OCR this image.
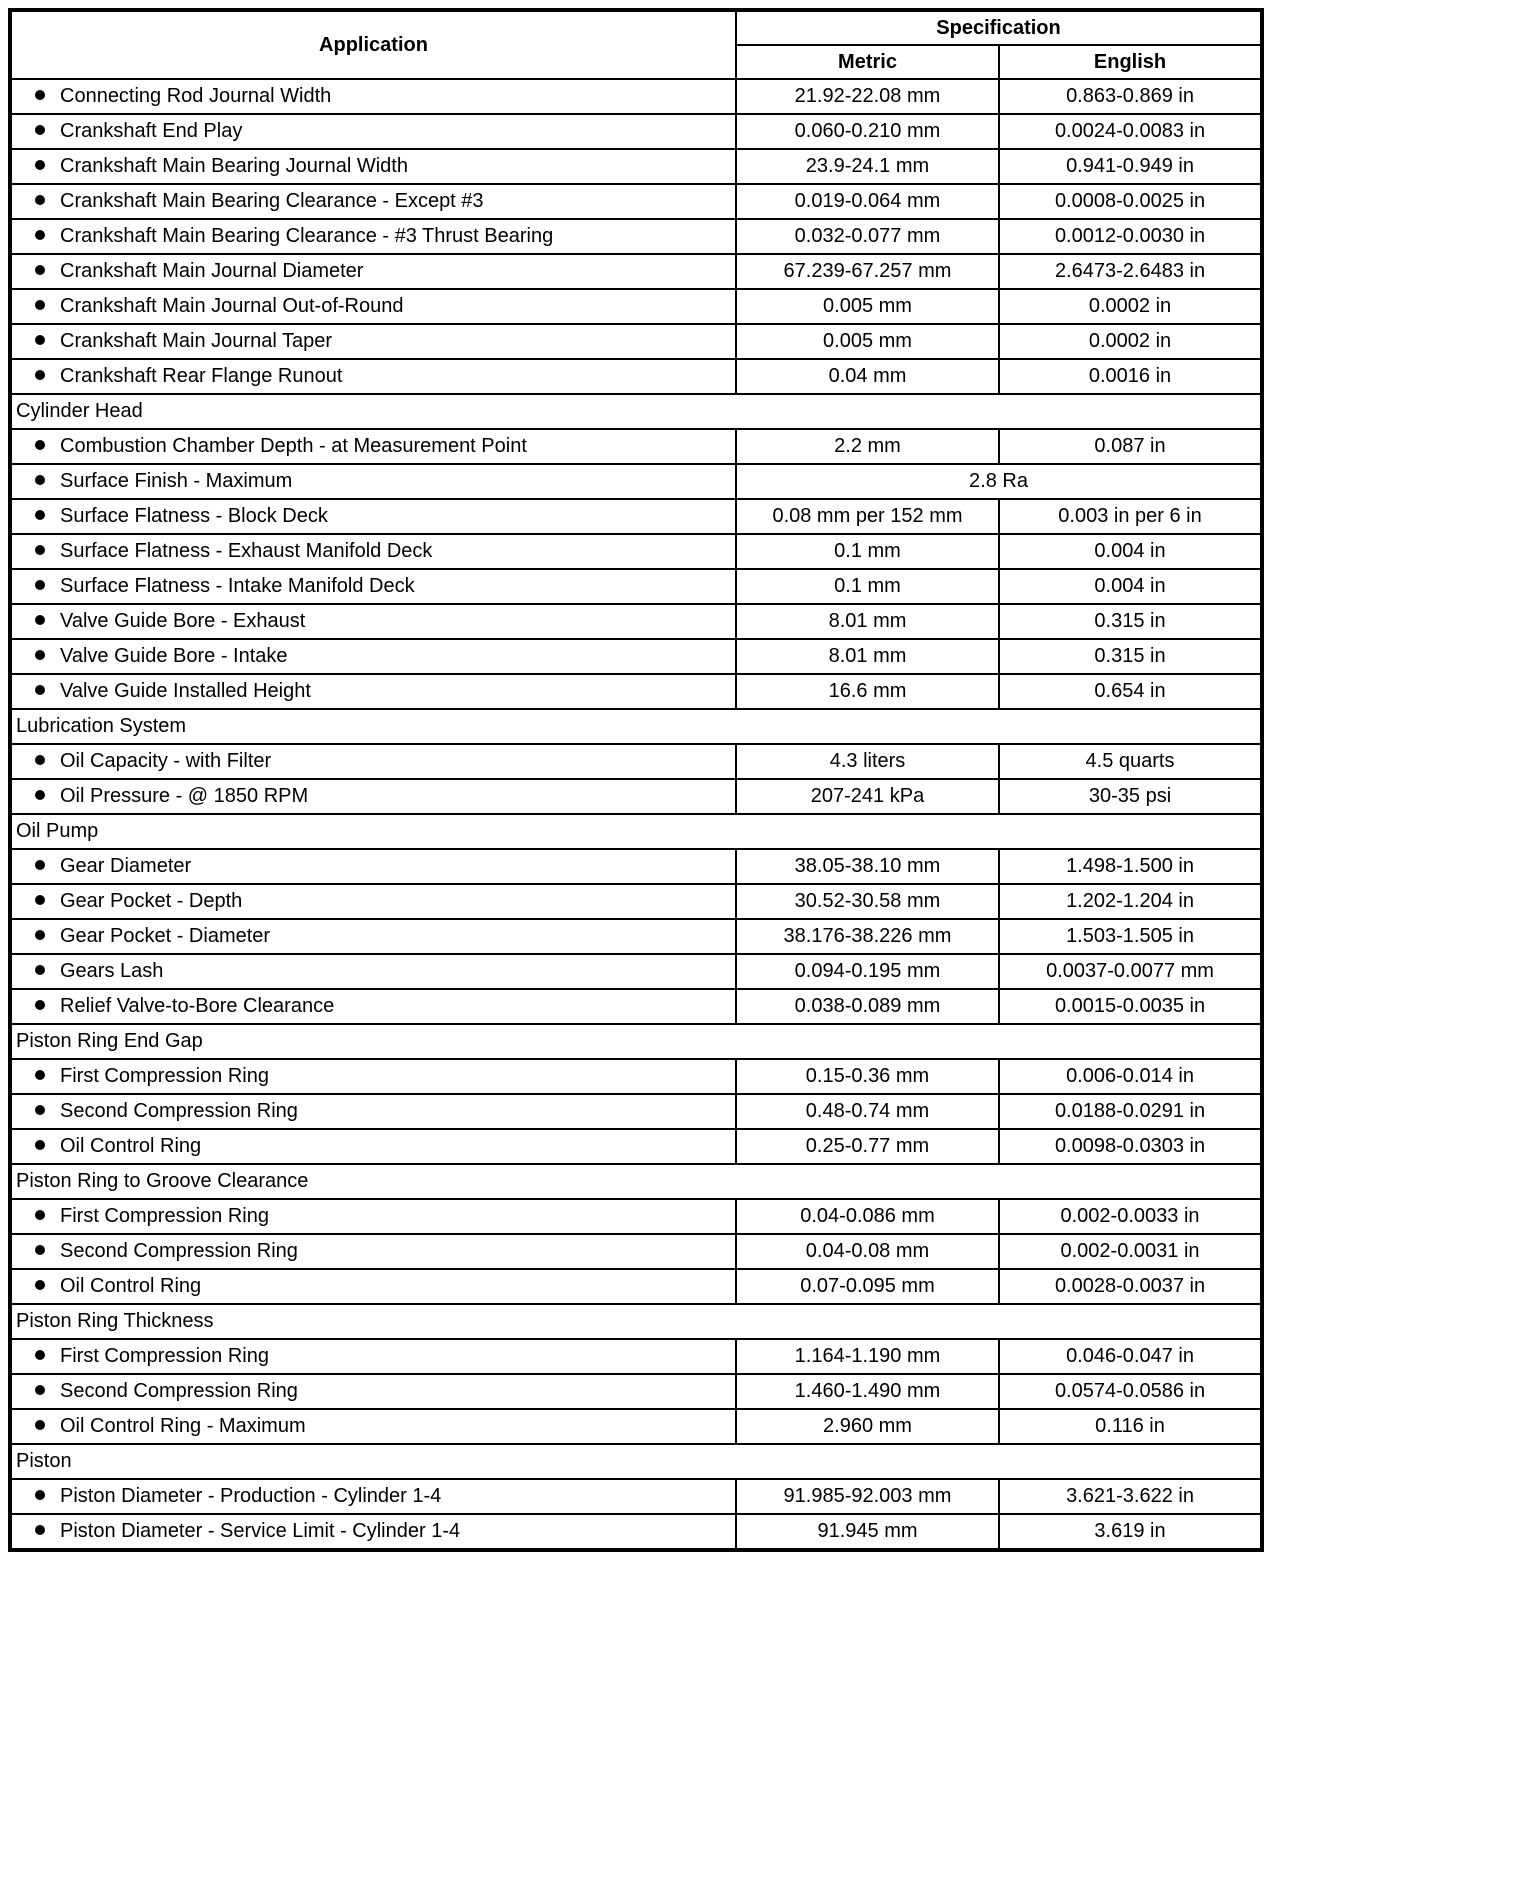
Application	Specification	
	Metric	English
Connecting Rod Journal Width	21.92-22.08 mm	0.863-0.869 in
Crankshaft End Play	0.060-0.210 mm	0.0024-0.0083 in
Crankshaft Main Bearing Journal Width	23.9-24.1 mm	0.941-0.949 in
Crankshaft Main Bearing Clearance - Except #3	0.019-0.064 mm	0.0008-0.0025 in
Crankshaft Main Bearing Clearance - #3 Thrust Bearing	0.032-0.077 mm	0.0012-0.0030 in
Crankshaft Main Journal Diameter	67.239-67.257 mm	2.6473-2.6483 in
Crankshaft Main Journal Out-of-Round	0.005 mm	0.0002 in
Crankshaft Main Journal Taper	0.005 mm	0.0002 in
Crankshaft Rear Flange Runout	0.04 mm	0.0016 in
Cylinder Head		
Combustion Chamber Depth - at Measurement Point	2.2 mm	0.087 in
Surface Finish - Maximum	2.8 Ra	
Surface Flatness - Block Deck	0.08 mm per 152 mm	0.003 in per 6 in
Surface Flatness - Exhaust Manifold Deck	0.1 mm	0.004 in
Surface Flatness - Intake Manifold Deck	0.1 mm	0.004 in
Valve Guide Bore - Exhaust	8.01 mm	0.315 in
Valve Guide Bore - Intake	8.01 mm	0.315 in
Valve Guide Installed Height	16.6 mm	0.654 in
Lubrication System		
Oil Capacity - with Filter	4.3 liters	4.5 quarts
Oil Pressure - @ 1850 RPM	207-241 kPa	30-35 psi
Oil Pump		
Gear Diameter	38.05-38.10 mm	1.498-1.500 in
Gear Pocket - Depth	30.52-30.58 mm	1.202-1.204 in
Gear Pocket - Diameter	38.176-38.226 mm	1.503-1.505 in
Gears Lash	0.094-0.195 mm	0.0037-0.0077 mm
Relief Valve-to-Bore Clearance	0.038-0.089 mm	0.0015-0.0035 in
Piston Ring End Gap		
First Compression Ring	0.15-0.36 mm	0.006-0.014 in
Second Compression Ring	0.48-0.74 mm	0.0188-0.0291 in
Oil Control Ring	0.25-0.77 mm	0.0098-0.0303 in
Piston Ring to Groove Clearance		
First Compression Ring	0.04-0.086 mm	0.002-0.0033 in
Second Compression Ring	0.04-0.08 mm	0.002-0.0031 in
Oil Control Ring	0.07-0.095 mm	0.0028-0.0037 in
Piston Ring Thickness		
First Compression Ring	1.164-1.190 mm	0.046-0.047 in
Second Compression Ring	1.460-1.490 mm	0.0574-0.0586 in
Oil Control Ring - Maximum	2.960 mm	0.116 in
Piston		
Piston Diameter - Production - Cylinder 1-4	91.985-92.003 mm	3.621-3.622 in
Piston Diameter - Service Limit - Cylinder 1-4	91.945 mm	3.619 in
